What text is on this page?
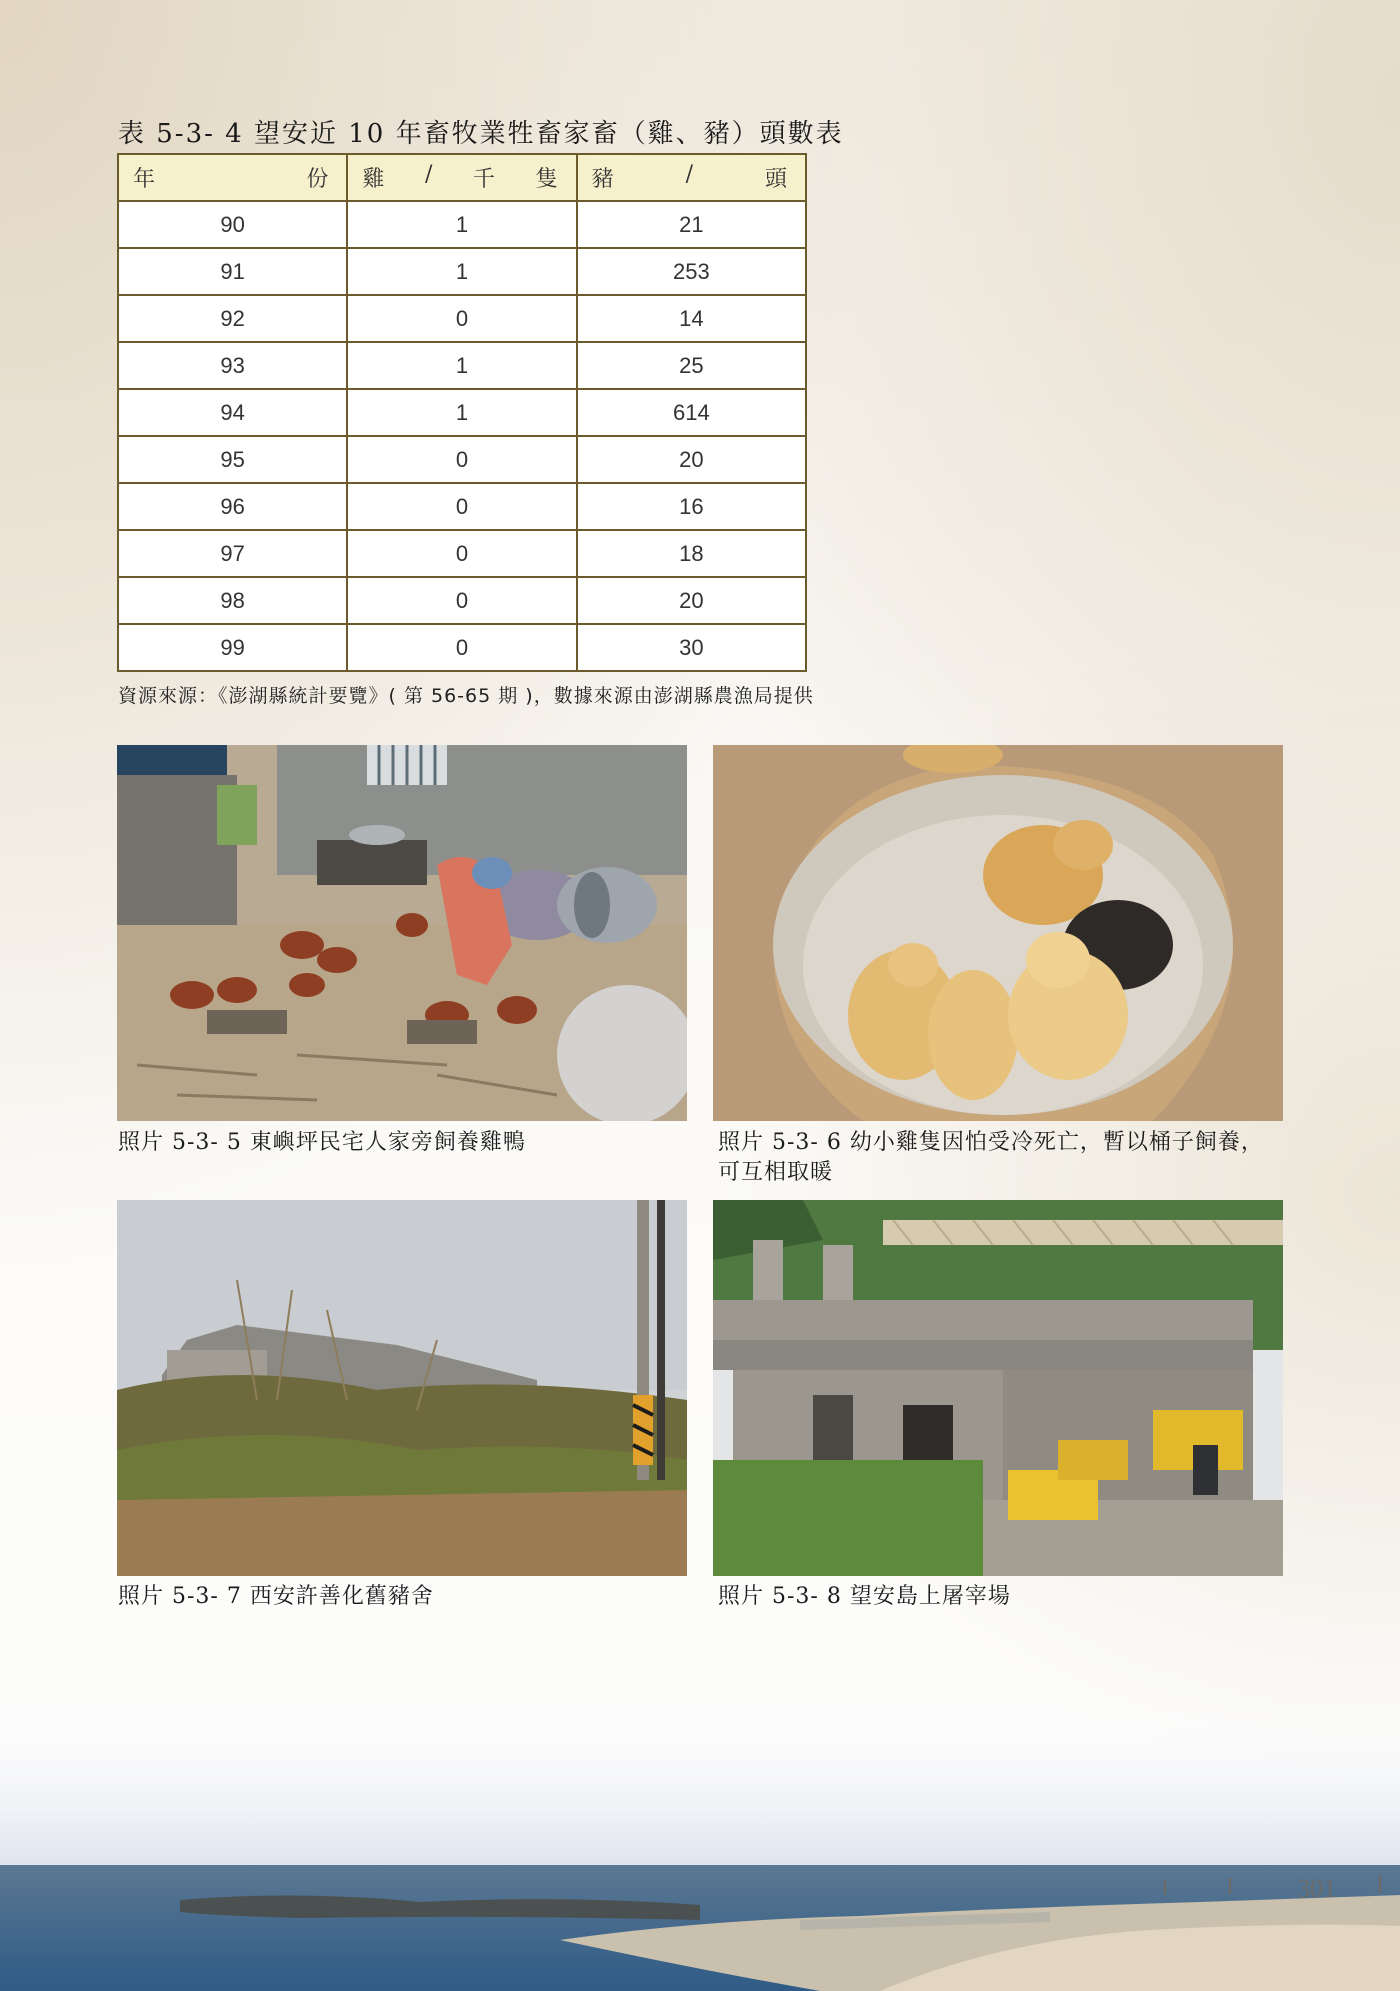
表 5-3- 4 望安近 10 年畜牧業牲畜家畜（雞、豬）頭數表
年 份	雞 / 千 隻	豬 / 頭

90	1	21
91	1	253
92	0	14
93	1	25
94	1	614
95	0	20
96	0	16
97	0	18
98	0	20
99	0	30
資源來源：《澎湖縣統計要覽》( 第 56-65 期 )，數據來源由澎湖縣農漁局提供
照片 5-3- 5 東嶼坪民宅人家旁飼養雞鴨	照片 5-3- 6 幼小雞隻因怕受冷死亡，暫以桶子飼養，
可互相取暖
照片 5-3- 7 西安許善化舊豬舍	照片 5-3- 8 望安島上屠宰場
301
